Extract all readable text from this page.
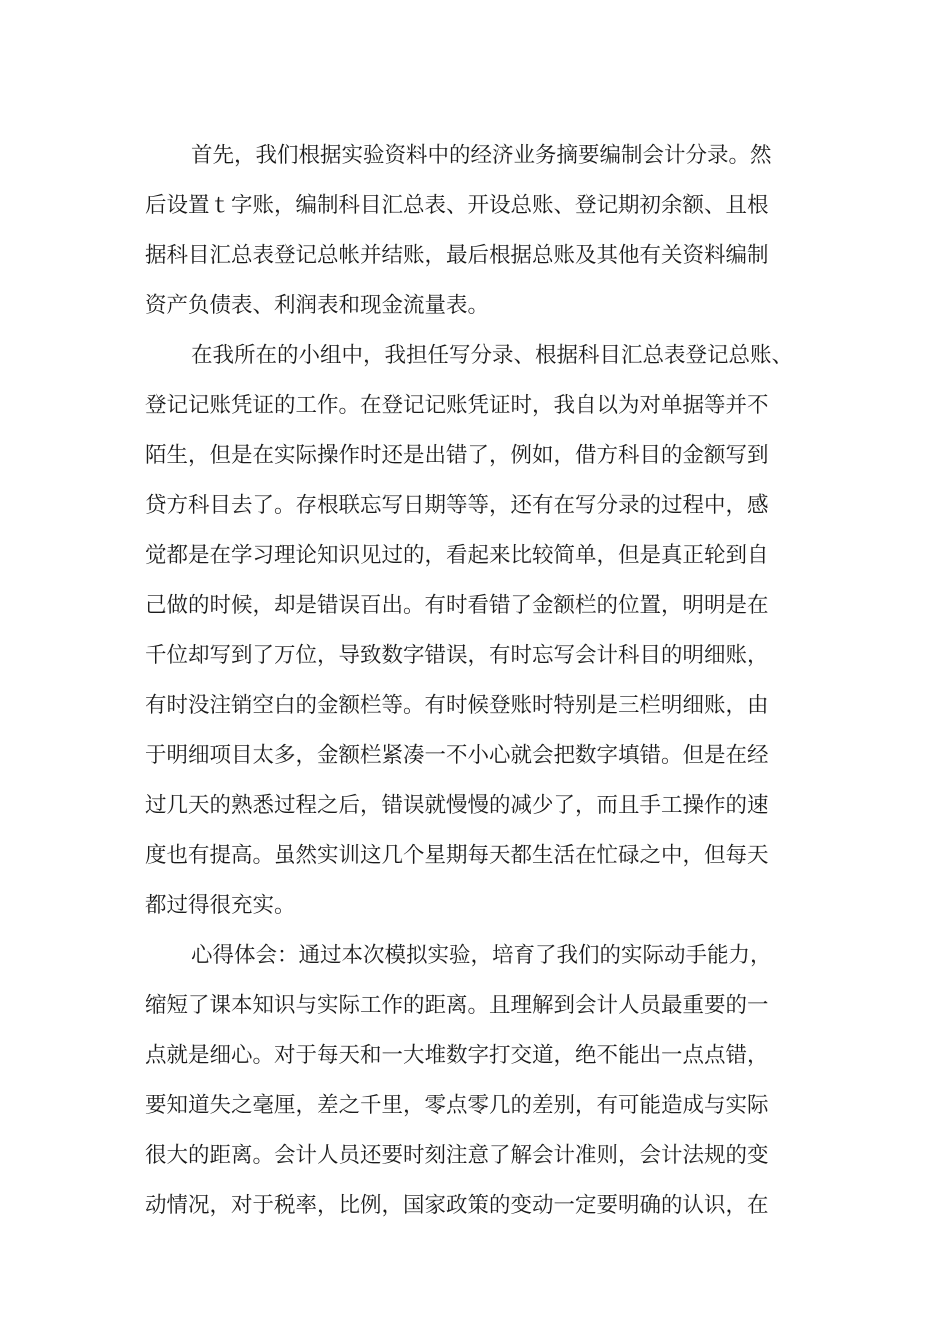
首先，我们根据实验资料中的经济业务摘要编制会计分录。然
后设置ｔ字账，编制科目汇总表、开设总账、登记期初余额、且根
据科目汇总表登记总帐并结账，最后根据总账及其他有关资料编制
资产负债表、利润表和现金流量表。
在我所在的小组中，我担任写分录、根据科目汇总表登记总账、
登记记账凭证的工作。在登记记账凭证时，我自以为对单据等并不
陌生，但是在实际操作时还是出错了，例如，借方科目的金额写到
贷方科目去了。存根联忘写日期等等，还有在写分录的过程中，感
觉都是在学习理论知识见过的，看起来比较简单，但是真正轮到自
己做的时候，却是错误百出。有时看错了金额栏的位置，明明是在
千位却写到了万位，导致数字错误，有时忘写会计科目的明细账，
有时没注销空白的金额栏等。有时候登账时特别是三栏明细账，由
于明细项目太多，金额栏紧凑一不小心就会把数字填错。但是在经
过几天的熟悉过程之后，错误就慢慢的减少了，而且手工操作的速
度也有提高。虽然实训这几个星期每天都生活在忙碌之中，但每天
都过得很充实。
心得体会：通过本次模拟实验，培育了我们的实际动手能力，
缩短了课本知识与实际工作的距离。且理解到会计人员最重要的一
点就是细心。对于每天和一大堆数字打交道，绝不能出一点点错，
要知道失之毫厘，差之千里，零点零几的差别，有可能造成与实际
很大的距离。会计人员还要时刻注意了解会计准则，会计法规的变
动情况，对于税率，比例，国家政策的变动一定要明确的认识，在
